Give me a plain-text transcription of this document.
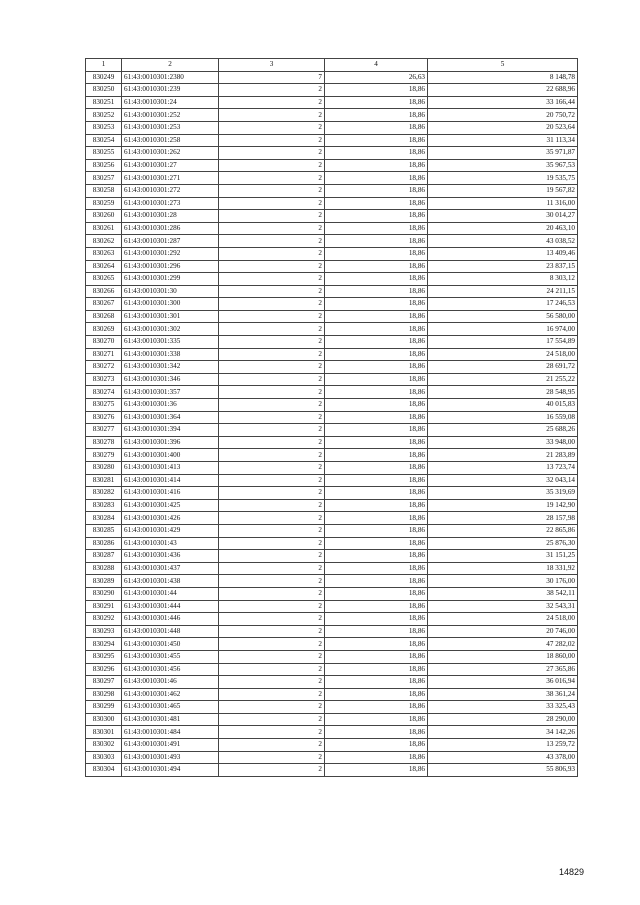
1	2	3	4	5
830249	61:43:0010301:2380	7	26,63	8 148,78
830250	61:43:0010301:239	2	18,86	22 688,96
830251	61:43:0010301:24	2	18,86	33 166,44
830252	61:43:0010301:252	2	18,86	20 750,72
830253	61:43:0010301:253	2	18,86	20 523,64
830254	61:43:0010301:258	2	18,86	31 113,34
830255	61:43:0010301:262	2	18,86	35 971,87
830256	61:43:0010301:27	2	18,86	35 967,53
830257	61:43:0010301:271	2	18,86	19 535,75
830258	61:43:0010301:272	2	18,86	19 567,82
830259	61:43:0010301:273	2	18,86	11 316,00
830260	61:43:0010301:28	2	18,86	30 014,27
830261	61:43:0010301:286	2	18,86	20 463,10
830262	61:43:0010301:287	2	18,86	43 038,52
830263	61:43:0010301:292	2	18,86	13 409,46
830264	61:43:0010301:296	2	18,86	23 837,15
830265	61:43:0010301:299	2	18,86	8 303,12
830266	61:43:0010301:30	2	18,86	24 211,15
830267	61:43:0010301:300	2	18,86	17 246,53
830268	61:43:0010301:301	2	18,86	56 580,00
830269	61:43:0010301:302	2	18,86	16 974,00
830270	61:43:0010301:335	2	18,86	17 554,89
830271	61:43:0010301:338	2	18,86	24 518,00
830272	61:43:0010301:342	2	18,86	28 691,72
830273	61:43:0010301:346	2	18,86	21 255,22
830274	61:43:0010301:357	2	18,86	28 548,95
830275	61:43:0010301:36	2	18,86	40 015,83
830276	61:43:0010301:364	2	18,86	16 559,08
830277	61:43:0010301:394	2	18,86	25 688,26
830278	61:43:0010301:396	2	18,86	33 948,00
830279	61:43:0010301:400	2	18,86	21 283,89
830280	61:43:0010301:413	2	18,86	13 723,74
830281	61:43:0010301:414	2	18,86	32 043,14
830282	61:43:0010301:416	2	18,86	35 319,69
830283	61:43:0010301:425	2	18,86	19 142,90
830284	61:43:0010301:426	2	18,86	28 157,98
830285	61:43:0010301:429	2	18,86	22 865,86
830286	61:43:0010301:43	2	18,86	25 876,30
830287	61:43:0010301:436	2	18,86	31 151,25
830288	61:43:0010301:437	2	18,86	18 331,92
830289	61:43:0010301:438	2	18,86	30 176,00
830290	61:43:0010301:44	2	18,86	38 542,11
830291	61:43:0010301:444	2	18,86	32 543,31
830292	61:43:0010301:446	2	18,86	24 518,00
830293	61:43:0010301:448	2	18,86	20 746,00
830294	61:43:0010301:450	2	18,86	47 282,02
830295	61:43:0010301:455	2	18,86	18 860,00
830296	61:43:0010301:456	2	18,86	27 365,86
830297	61:43:0010301:46	2	18,86	36 016,94
830298	61:43:0010301:462	2	18,86	38 361,24
830299	61:43:0010301:465	2	18,86	33 325,43
830300	61:43:0010301:481	2	18,86	28 290,00
830301	61:43:0010301:484	2	18,86	34 142,26
830302	61:43:0010301:491	2	18,86	13 259,72
830303	61:43:0010301:493	2	18,86	43 378,00
830304	61:43:0010301:494	2	18,86	55 806,93
14829
